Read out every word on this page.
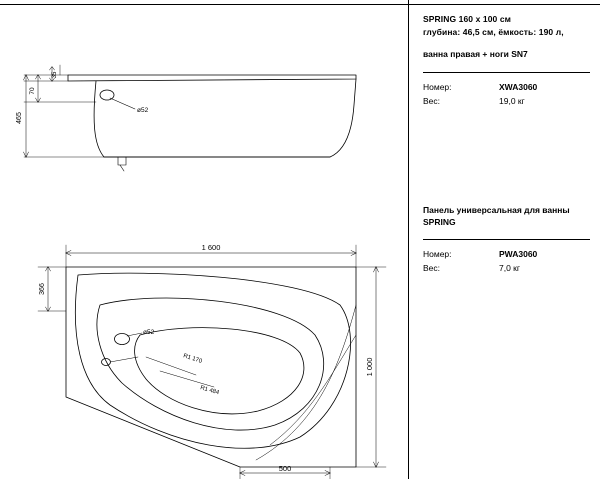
35
70
465
ø52
1 600
1 000
366
500
ø52
R1 170
R1 484
SPRING 160 x 100 см
глубина: 46,5 см, ёмкость: 190 л,
ванна правая + ноги SN7
Номер:	XWA3060
Вес:	19,0 кг
Панель универсальная для ванны
SPRING
Номер:	PWA3060
Вес:	7,0 кг
